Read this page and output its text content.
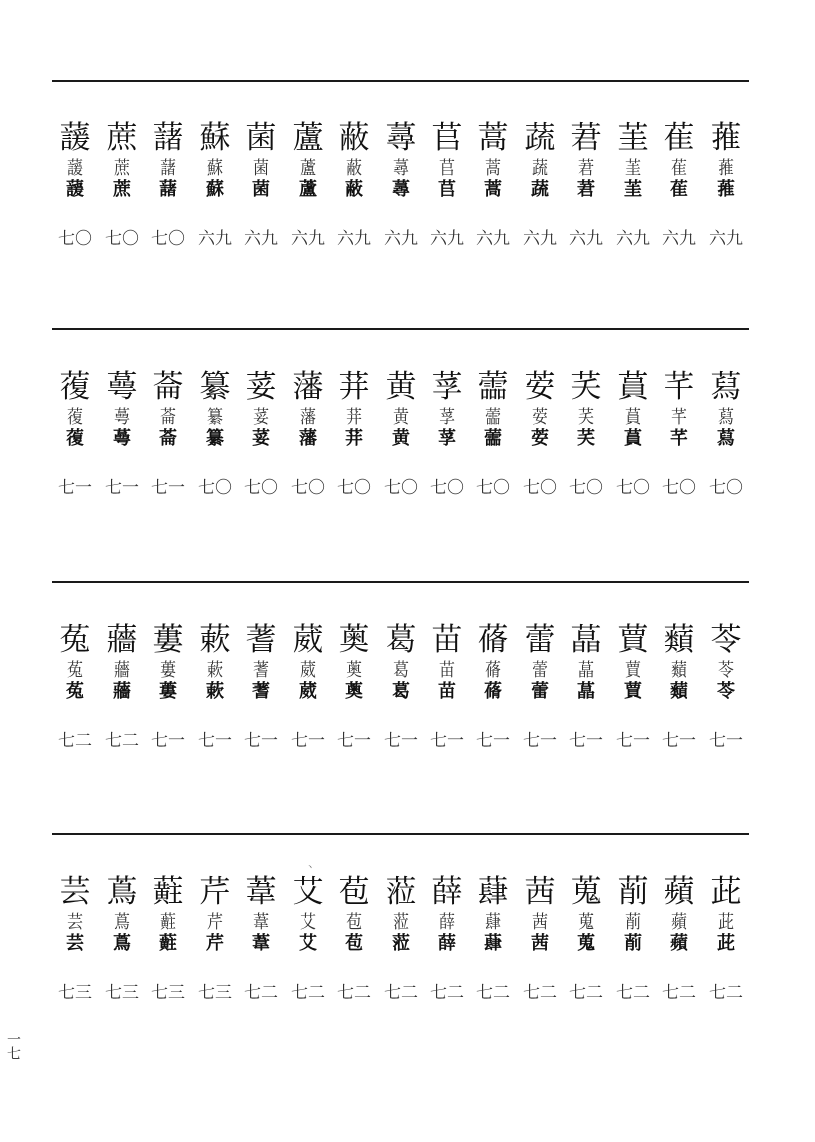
蘐
蘐
蘐
七〇
蔗
蔗
蔗
七〇
藷
藷
藷
七〇
蘇
蘇
蘇
六九
菌
菌
菌
六九
蘆
蘆
蘆
六九
蔽
蔽
蔽
六九
蕁
蕁
蕁
六九
苢
苢
苢
六九
蒿
蒿
蒿
六九
蔬
蔬
蔬
六九
莙
莙
莙
六九
茥
茥
茥
六九
萑
萑
萑
六九
蓷
蓷
蓷
六九
蕧
蕧
蕧
七一
蕚
蕚
蕚
七一
菕
菕
菕
七一
纂
纂
纂
七〇
荽
荽
荽
七〇
藩
藩
藩
七〇
荓
荓
荓
七〇
黄
黄
黄
七〇
莩
莩
莩
七〇
蘦
蘦
蘦
七〇
荌
荌
荌
七〇
芺
芺
芺
七〇
蒷
蒷
蒷
七〇
芊
芊
芊
七〇
蕮
蕮
蕮
七〇
菟
菟
菟
七二
蘠
蘠
蘠
七二
蔞
蔞
蔞
七一
蔌
蔌
蔌
七一
蓍
蓍
蓍
七一
葳
葳
葳
七一
薁
薁
薁
七一
葛
葛
葛
七一
苗
苗
苗
七一
蓨
蓨
蓨
七一
蕾
蕾
蕾
七一
蕌
蕌
蕌
七一
蕒
蕒
蕒
七一
蘱
蘱
蘱
七一
苓
苓
苓
七一
芸
芸
芸
七三
蔦
蔦
蔦
七三
蘣
蘣
蘣
七三
芹
芹
芹
七三
葦
葦
葦
七二
艾
艾
艾
七二
苞
苞
苞
七二
蒞
蒞
蒞
七二
薛
薛
薛
七二
蕼
蕼
蕼
七二
茜
茜
茜
七二
蒐
蒐
蒐
七二
萷
萷
萷
七二
蘋
蘋
蘋
七二
茈
茈
茈
七二
丶
一七
